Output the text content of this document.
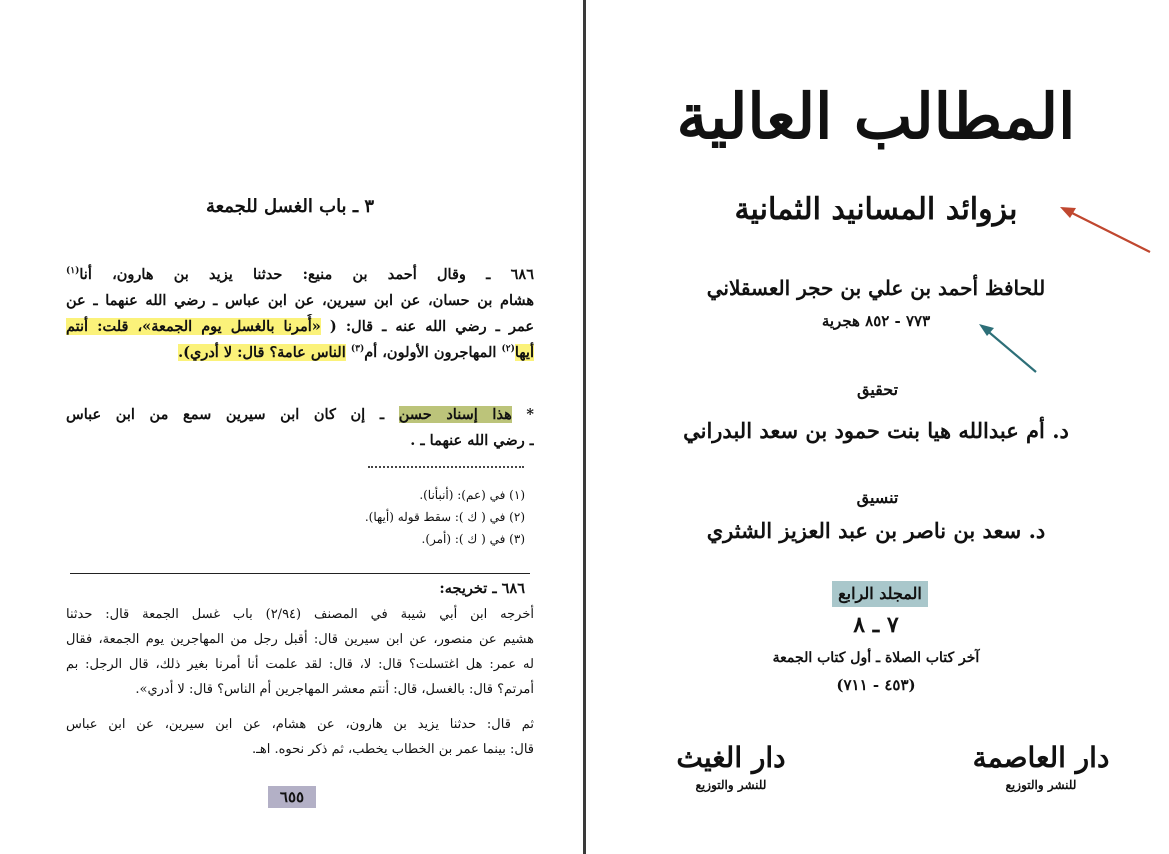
٣ ـ باب الغسل للجمعة
٦٨٦ ـ وقال أحمد بن منيع: حدثنا يزيد بن هارون، أنا$^{(١)}$
هشام بن حسان، عن ابن سيرين، عن ابن عباس ـ رضي الله عنهما ـ عن
عمر ـ رضي الله عنه ـ قال: ( «أُمرنا بالغسل يوم الجمعة»، قلت: أنتم
أيها$^{(٢)}$ المهاجرون الأولون، أم$^{(٣)}$ الناس عامة؟ قال: لا أدري).
* هذا إسناد حسن ـ إن كان ابن سيرين سمع من ابن عباس
ـ رضي الله عنهما ـ .
(١) في (عم): (أنبأنا).
(٢) في ( ك ): سقط قوله (أيها).
(٣) في ( ك ): (أمر).
٦٨٦ ـ تخريجه:
أخرجه ابن أبي شيبة في المصنف (٢/٩٤) باب غسل الجمعة قال: حدثنا
هشيم عن منصور، عن ابن سيرين قال: أقبل رجل من المهاجرين يوم الجمعة، فقال
له عمر: هل اغتسلت؟ قال: لا، قال: لقد علمت أنا أمرنا بغير ذلك، قال الرجل: بم
أمرتم؟ قال: بالغسل، قال: أنتم معشر المهاجرين أم الناس؟ قال: لا أدري».
ثم قال: حدثنا يزيد بن هارون، عن هشام، عن ابن سيرين، عن ابن عباس
قال: بينما عمر بن الخطاب يخطب، ثم ذكر نحوه. اهـ.
٦٥٥
المطالب العالية
بزوائد المسانيد الثمانية
للحافظ أحمد بن علي بن حجر العسقلاني
٧٧٣ - ٨٥٢ هجرية
تحقيق
د. أم عبدالله هيا بنت حمود بن سعد البدراني
تنسيق
د. سعد بن ناصر بن عبد العزيز الشثري
المجلد الرابع
٧ ـ ٨
آخر كتاب الصلاة ـ أول كتاب الجمعة
(٤٥٣ - ٧١١)
دار العاصمة
للنشر والتوزيع
دار الغيث
للنشر والتوزيع
